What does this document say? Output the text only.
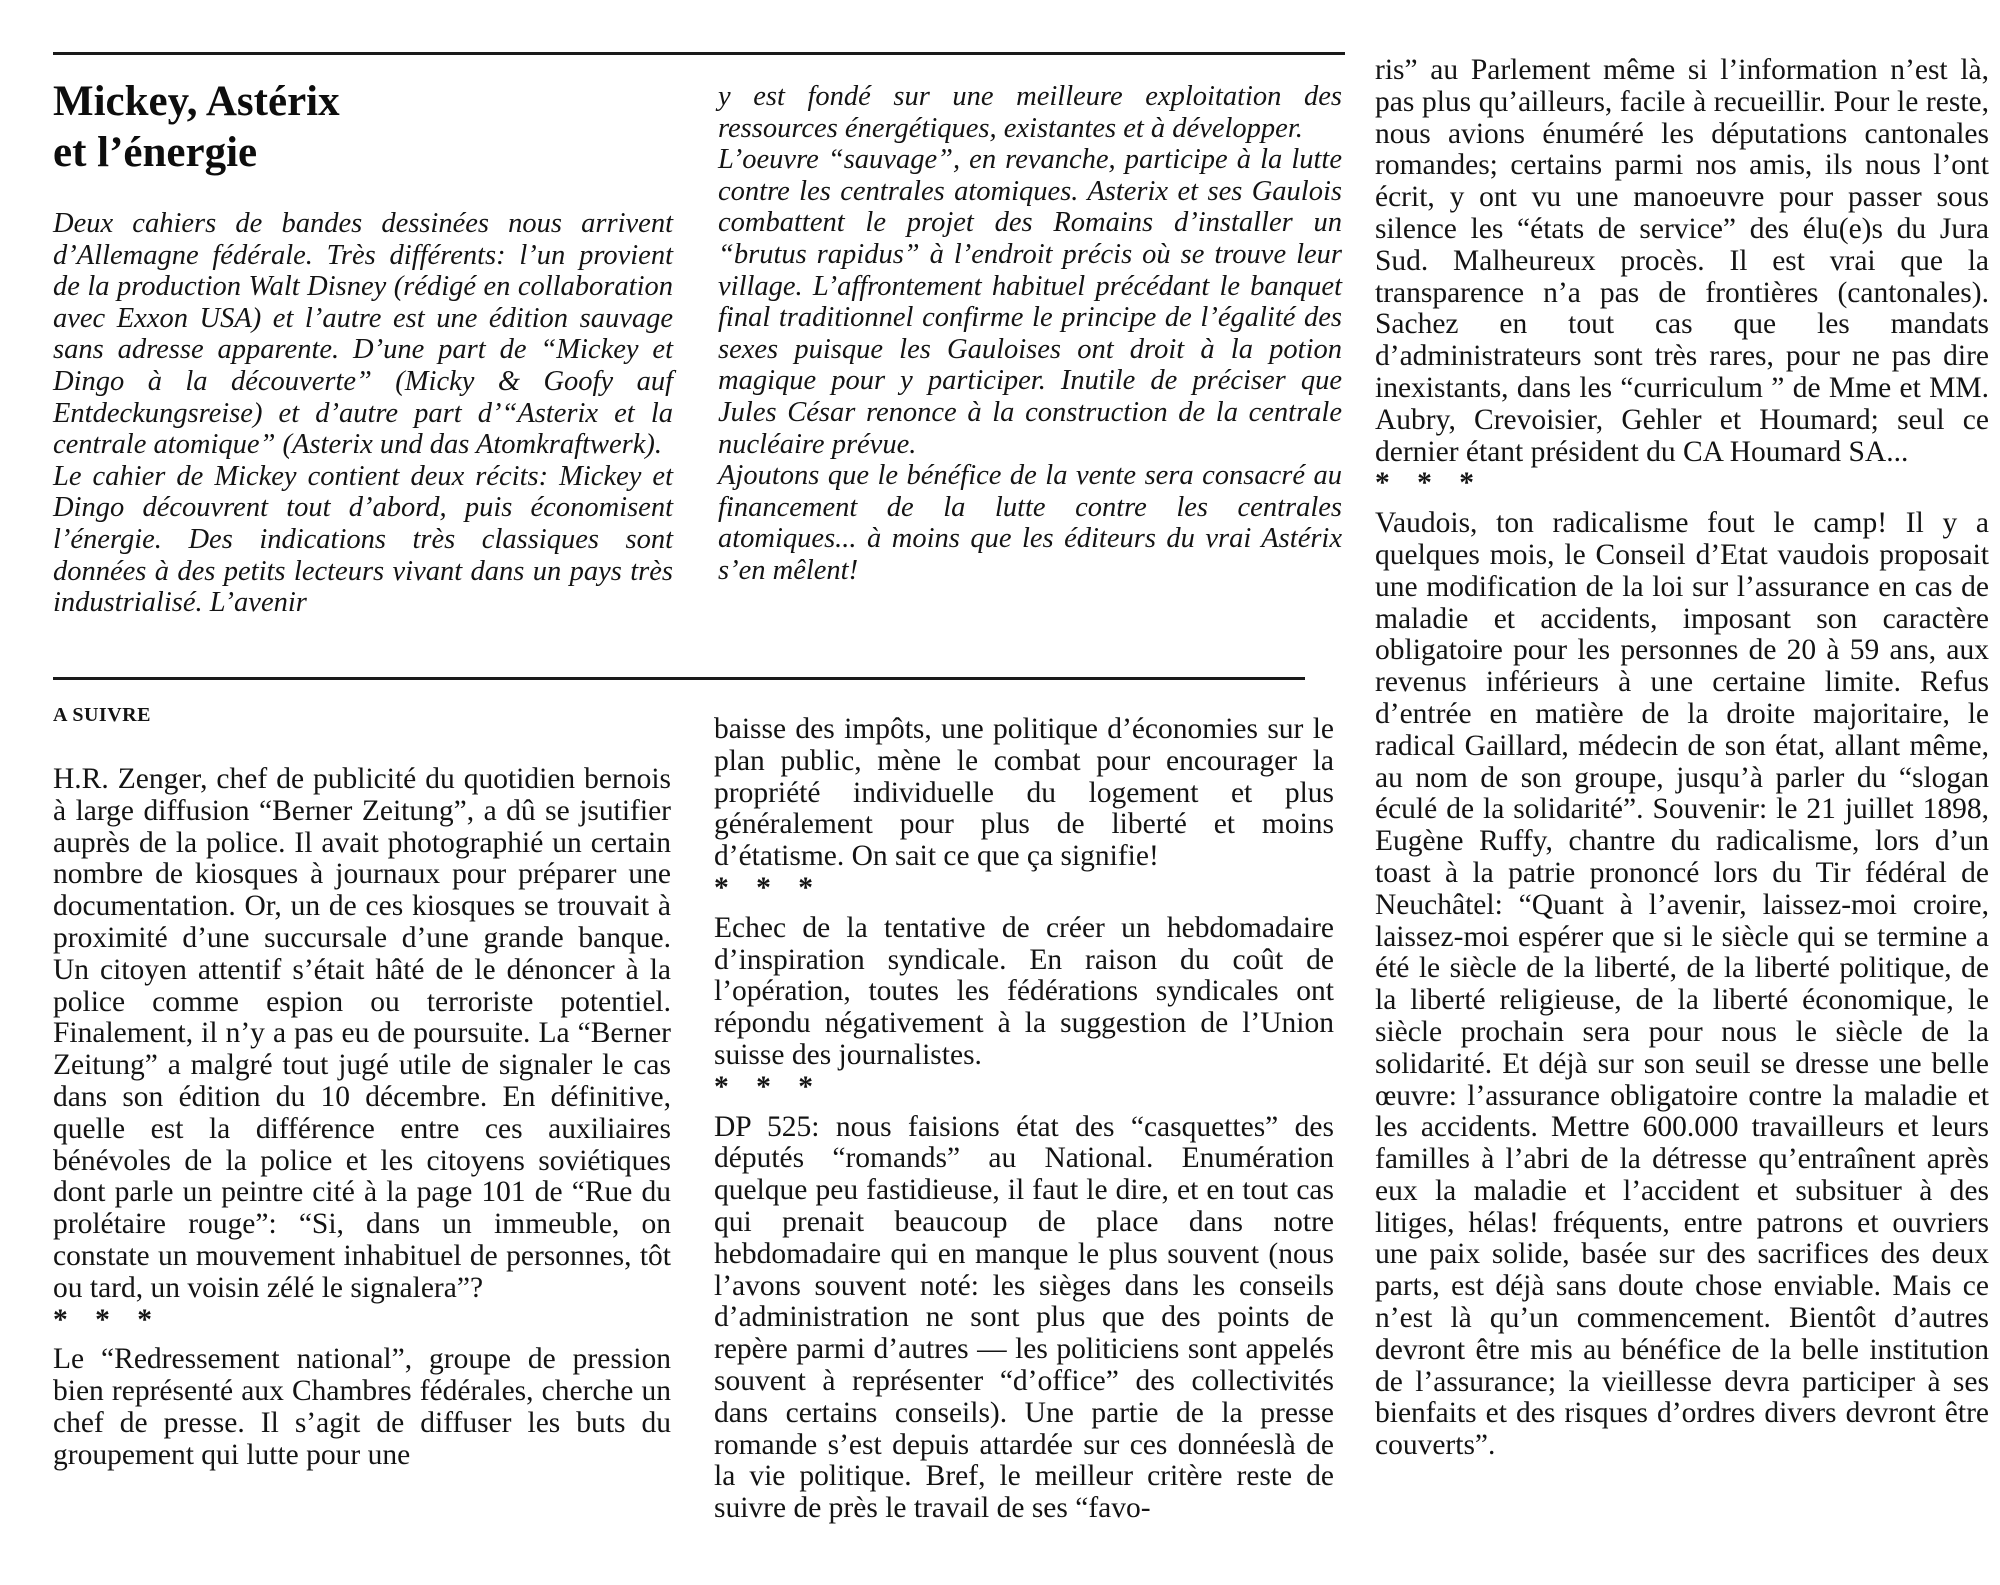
Mickey, Astérix
et l’énergie

Deux cahiers de bandes dessinées nous arrivent d’Allemagne fédérale. Très différents: l’un provient de la production Walt Disney (rédigé en collaboration avec Exxon USA) et l’autre est une édition sauvage sans adresse apparente. D’une part de “Mickey et Dingo à la découverte” (Micky & Goofy auf Entdeckungsreise) et d’autre part d’“Asterix et la centrale atomique” (Asterix und das Atomkraftwerk).

Le cahier de Mickey contient deux récits: Mickey et Dingo découvrent tout d’abord, puis économisent l’énergie. Des indications très classiques sont données à des petits lecteurs vivant dans un pays très industrialisé. L’avenir

y est fondé sur une meilleure exploitation des ressources énergétiques, existantes et à développer.

L’oeuvre “sauvage”, en revanche, participe à la lutte contre les centrales atomiques. Asterix et ses Gaulois combattent le projet des Romains d’installer un “brutus rapidus” à l’endroit précis où se trouve leur village. L’affrontement habituel précédant le banquet final traditionnel confirme le principe de l’égalité des sexes puisque les Gauloises ont droit à la potion magique pour y participer. Inutile de préciser que Jules César renonce à la construction de la centrale nucléaire prévue.

Ajoutons que le bénéfice de la vente sera consacré au financement de la lutte contre les centrales atomiques... à moins que les éditeurs du vrai Astérix s’en mêlent!

A SUIVRE

H.R. Zenger, chef de publicité du quotidien bernois à large diffusion “Berner Zeitung”, a dû se jsutifier auprès de la police. Il avait photographié un certain nombre de kiosques à journaux pour préparer une documentation. Or, un de ces kiosques se trouvait à proximité d’une succursale d’une grande banque. Un citoyen attentif s’était hâté de le dénoncer à la police comme espion ou terroriste potentiel. Finalement, il n’y a pas eu de poursuite. La “Berner Zeitung” a malgré tout jugé utile de signaler le cas dans son édition du 10 décembre. En définitive, quelle est la différence entre ces auxiliaires bénévoles de la police et les citoyens soviétiques dont parle un peintre cité à la page 101 de “Rue du prolétaire rouge”: “Si, dans un immeuble, on constate un mouvement inhabituel de personnes, tôt ou tard, un voisin zélé le signalera”?

* * *

Le “Redressement national”, groupe de pression bien représenté aux Chambres fédérales, cherche un chef de presse. Il s’agit de diffuser les buts du groupement qui lutte pour une

baisse des impôts, une politique d’économies sur le plan public, mène le combat pour encourager la propriété individuelle du logement et plus généralement pour plus de liberté et moins d’étatisme. On sait ce que ça signifie!

* * *

Echec de la tentative de créer un hebdomadaire d’inspiration syndicale. En raison du coût de l’opération, toutes les fédérations syndicales ont répondu négativement à la suggestion de l’Union suisse des journalistes.

* * *

DP 525: nous faisions état des “casquettes” des députés “romands” au National. Enumération quelque peu fastidieuse, il faut le dire, et en tout cas qui prenait beaucoup de place dans notre hebdomadaire qui en manque le plus souvent (nous l’avons souvent noté: les sièges dans les conseils d’administration ne sont plus que des points de repère parmi d’autres — les politiciens sont appelés souvent à représenter “d’office” des collectivités dans certains conseils). Une partie de la presse romande s’est depuis attardée sur ces donnéeslà de la vie politique. Bref, le meilleur critère reste de suivre de près le travail de ses “favo-

ris” au Parlement même si l’information n’est là, pas plus qu’ailleurs, facile à recueillir. Pour le reste, nous avions énuméré les députations cantonales romandes; certains parmi nos amis, ils nous l’ont écrit, y ont vu une manoeuvre pour passer sous silence les “états de service” des élu(e)s du Jura Sud. Malheureux procès. Il est vrai que la transparence n’a pas de frontières (cantonales). Sachez en tout cas que les mandats d’administrateurs sont très rares, pour ne pas dire inexistants, dans les “curriculum ” de Mme et MM. Aubry, Crevoisier, Gehler et Houmard; seul ce dernier étant président du CA Houmard SA...

* * *

Vaudois, ton radicalisme fout le camp! Il y a quelques mois, le Conseil d’Etat vaudois proposait une modification de la loi sur l’assurance en cas de maladie et accidents, imposant son caractère obligatoire pour les personnes de 20 à 59 ans, aux revenus inférieurs à une certaine limite. Refus d’entrée en matière de la droite majoritaire, le radical Gaillard, médecin de son état, allant même, au nom de son groupe, jusqu’à parler du “slogan éculé de la solidarité”. Souvenir: le 21 juillet 1898, Eugène Ruffy, chantre du radicalisme, lors d’un toast à la patrie prononcé lors du Tir fédéral de Neuchâtel: “Quant à l’avenir, laissez-moi croire, laissez-moi espérer que si le siècle qui se termine a été le siècle de la liberté, de la liberté politique, de la liberté religieuse, de la liberté économique, le siècle prochain sera pour nous le siècle de la solidarité. Et déjà sur son seuil se dresse une belle œuvre: l’assurance obligatoire contre la maladie et les accidents. Mettre 600.000 travailleurs et leurs familles à l’abri de la détresse qu’entraînent après eux la maladie et l’accident et subsituer à des litiges, hélas! fréquents, entre patrons et ouvriers une paix solide, basée sur des sacrifices des deux parts, est déjà sans doute chose enviable. Mais ce n’est là qu’un commencement. Bientôt d’autres devront être mis au bénéfice de la belle institution de l’assurance; la vieillesse devra participer à ses bienfaits et des risques d’ordres divers devront être couverts”.
